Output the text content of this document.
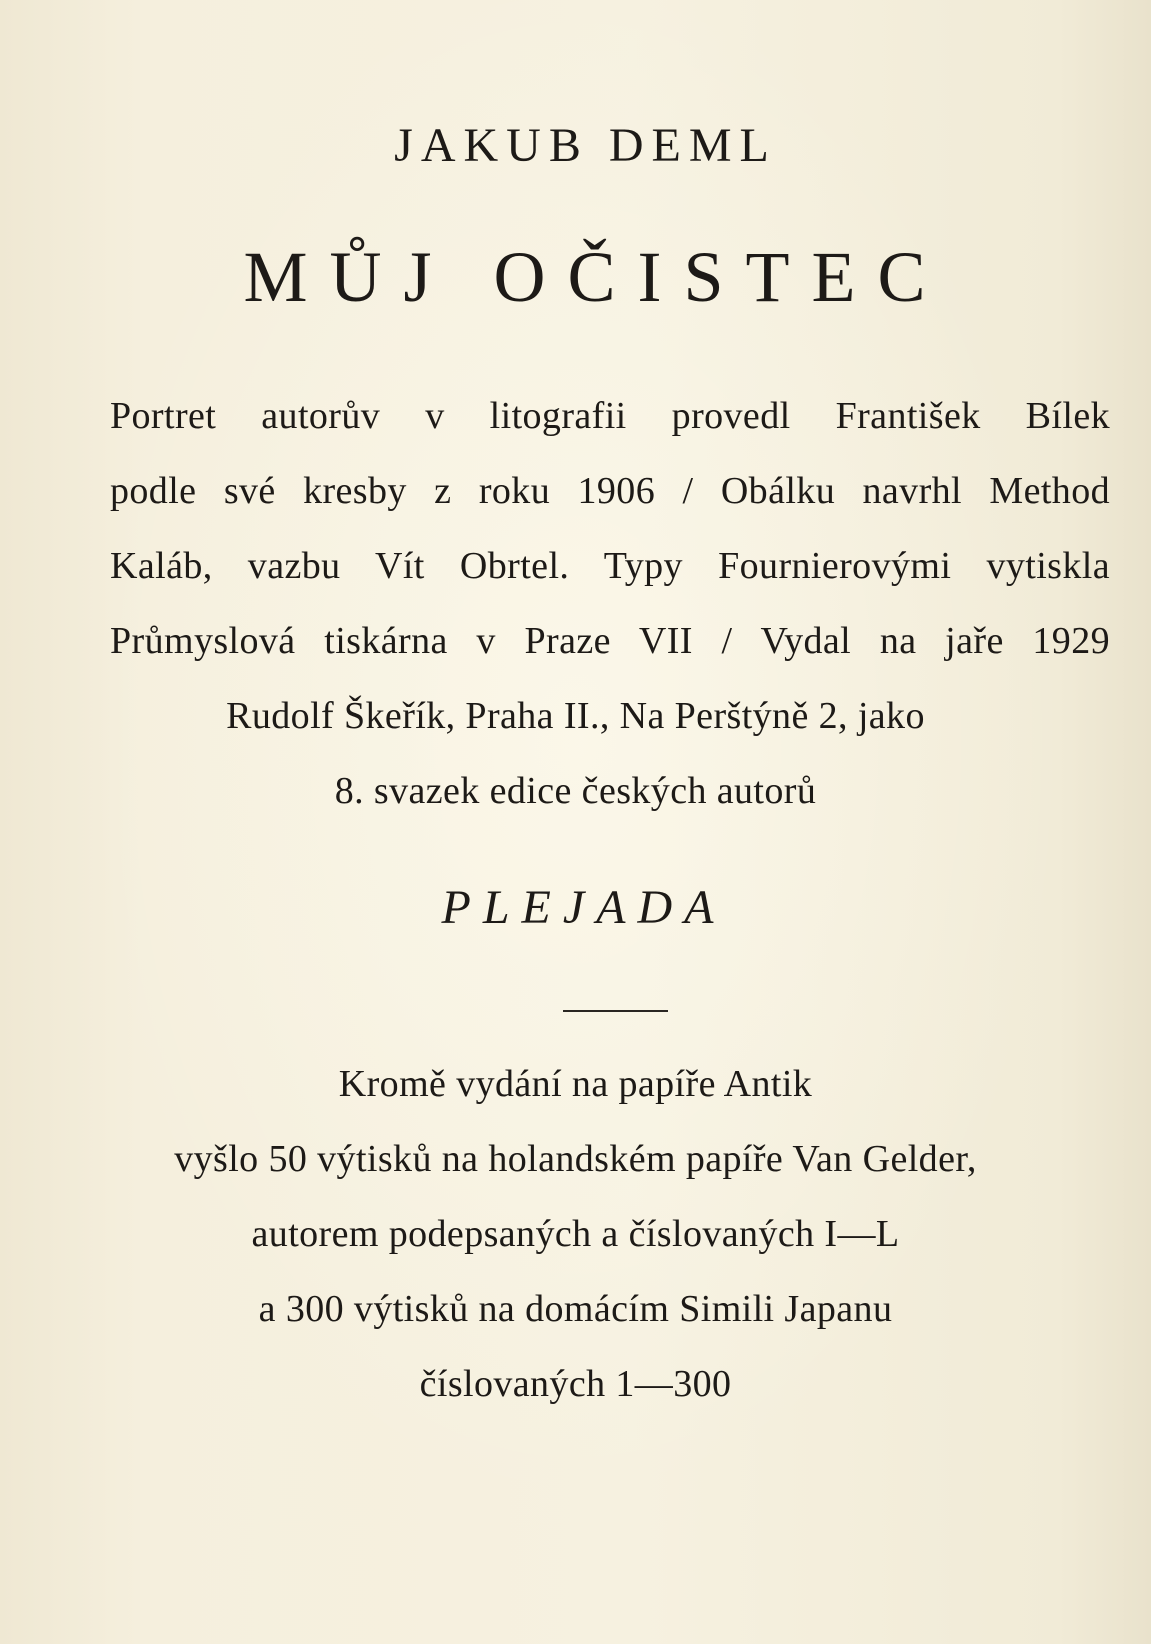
JAKUB DEML
MŮJ OČISTEC
Portret autorův v litografii provedl František Bílek
podle své kresby z roku 1906 / Obálku navrhl Method
Kaláb, vazbu Vít Obrtel. Typy Fournierovými vytiskla
Průmyslová tiskárna v Praze VII / Vydal na jaře 1929
Rudolf Škeřík, Praha II., Na Perštýně 2, jako
8. svazek edice českých autorů
PLEJADA
Kromě vydání na papíře Antik
vyšlo 50 výtisků na holandském papíře Van Gelder,
autorem podepsaných a číslovaných I—L
a 300 výtisků na domácím Simili Japanu
číslovaných 1—300
